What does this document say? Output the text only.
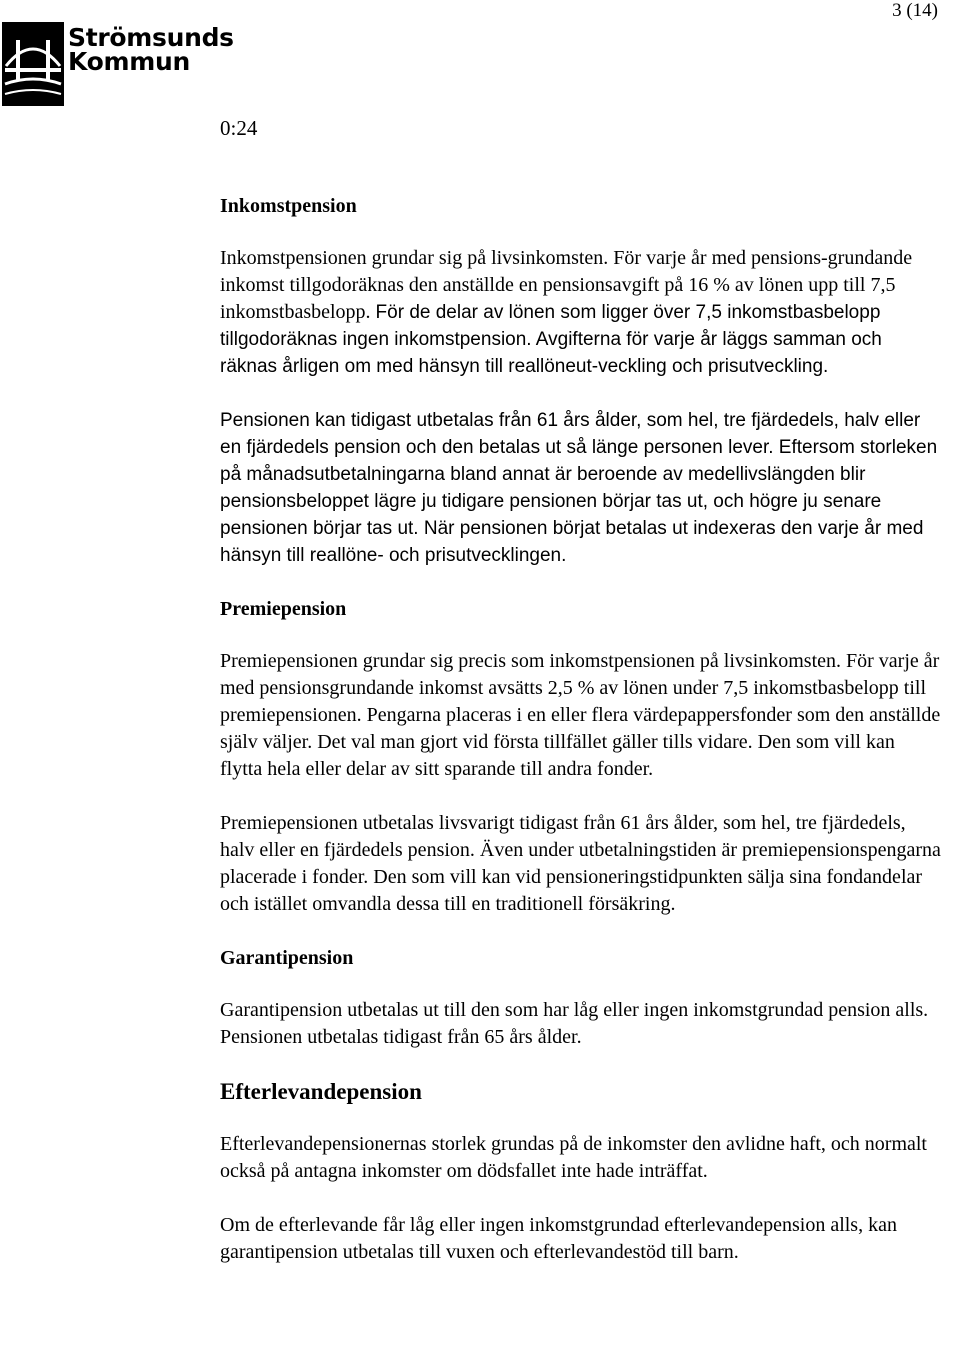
Strömsunds
Kommun
3 (14)
0:24
Inkomstpension

Inkomstpensionen grundar sig på livsinkomsten. För varje år med pensions-grundande inkomst tillgodoräknas den anställde en pensionsavgift på 16 % av lönen upp till 7,5 inkomstbasbelopp. För de delar av lönen som ligger över 7,5 inkomstbasbelopp tillgodoräknas ingen inkomstpension. Avgifterna för varje år läggs samman och räknas årligen om med hänsyn till reallöneut-veckling och prisutveckling.

Pensionen kan tidigast utbetalas från 61 års ålder, som hel, tre fjärdedels, halv eller en fjärdedels pension och den betalas ut så länge personen lever. Eftersom storleken på månadsutbetalningarna bland annat är beroende av medellivslängden blir pensionsbeloppet lägre ju tidigare pensionen börjar tas ut, och högre ju senare pensionen börjar tas ut. När pensionen börjat betalas ut indexeras den varje år med hänsyn till reallöne- och prisutvecklingen.

Premiepension

Premiepensionen grundar sig precis som inkomstpensionen på livsinkomsten. För varje år med pensionsgrundande inkomst avsätts 2,5 % av lönen under 7,5 inkomstbasbelopp till premiepensionen. Pengarna placeras i en eller flera värdepappersfonder som den anställde själv väljer. Det val man gjort vid första tillfället gäller tills vidare. Den som vill kan flytta hela eller delar av sitt sparande till andra fonder.

Premiepensionen utbetalas livsvarigt tidigast från 61 års ålder, som hel, tre fjärdedels, halv eller en fjärdedels pension. Även under utbetalningstiden är premiepensionspengarna placerade i fonder. Den som vill kan vid pensioneringstidpunkten sälja sina fondandelar och istället omvandla dessa till en traditionell försäkring.

Garantipension

Garantipension utbetalas ut till den som har låg eller ingen inkomstgrundad pension alls. Pensionen utbetalas tidigast från 65 års ålder.

Efterlevandepension

Efterlevandepensionernas storlek grundas på de inkomster den avlidne haft, och normalt också på antagna inkomster om dödsfallet inte hade inträffat.

Om de efterlevande får låg eller ingen inkomstgrundad efterlevandepension alls, kan garantipension utbetalas till vuxen och efterlevandestöd till barn.
